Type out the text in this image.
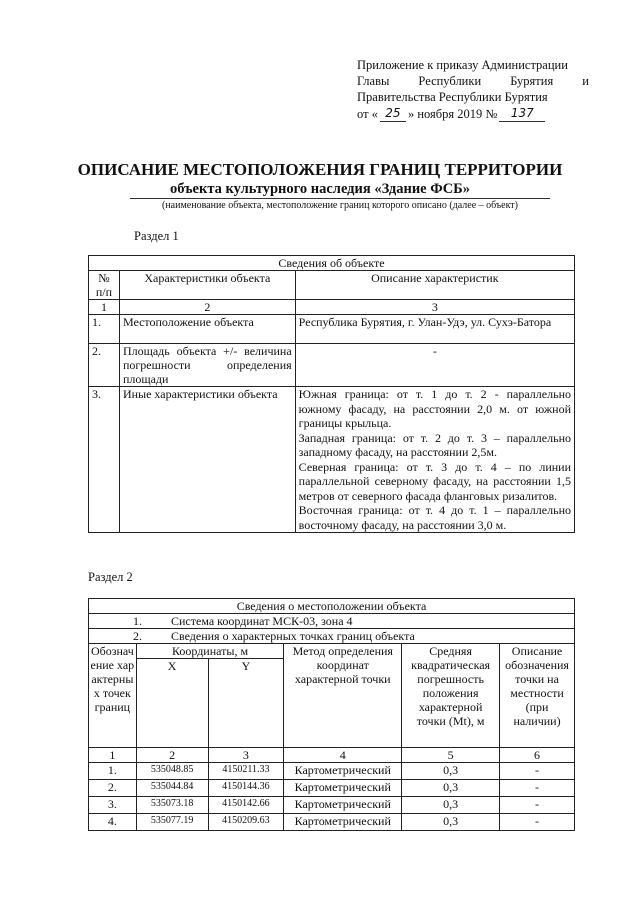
Приложение к приказу Администрации
Главы Республики Бурятия и
Правительства Республики Бурятия
от « 25 » ноября 2019 №	137
ОПИСАНИЕ МЕСТОПОЛОЖЕНИЯ ГРАНИЦ ТЕРРИТОРИИ
объекта культурного наследия «Здание ФСБ»
(наименование объекта, местоположение границ которого описано (далее – объект)
Раздел 1
Сведения об объекте		
№ п/п	Характеристики объекта	Описание характеристик
1	2	3
1.	Местоположение объекта	Республика Бурятия, г. Улан-Удэ, ул. Сухэ-Батора
2.	Площадь объекта +/- величина погрешности определения площади	-
3.	Иные характеристики объекта	Южная граница: от т. 1 до т. 2 - параллельно южному фасаду, на расстоянии 2,0 м. от южной границы крыльца.
Западная граница: от т. 2 до т. 3 – параллельно западному фасаду, на расстоянии 2,5м.
Северная граница: от т. 3 до т. 4 – по линии параллельной северному фасаду, на расстоянии 1,5 метров от северного фасада фланговых ризалитов.
Восточная граница: от т. 4 до т. 1 – параллельно восточному фасаду, на расстоянии 3,0 м.
Раздел 2
Сведения о местоположении объекта					
1. Система координат МСК-03, зона 4					
2. Сведения о характерных точках границ объекта					
Обозначение характерных точек границ	Координаты, м		Метод определения координат характерной точки	Средняя квадратическая погрешность положения характерной точки (Mt), м	Описание обозначения точки на местности (при наличии)
	X	Y			
1	2	3	4	5	6
1.	535048.85	4150211.33	Картометрический	0,3	-
2.	535044.84	4150144.36	Картометрический	0,3	-
3.	535073.18	4150142.66	Картометрический	0,3	-
4.	535077.19	4150209.63	Картометрический	0,3	-
